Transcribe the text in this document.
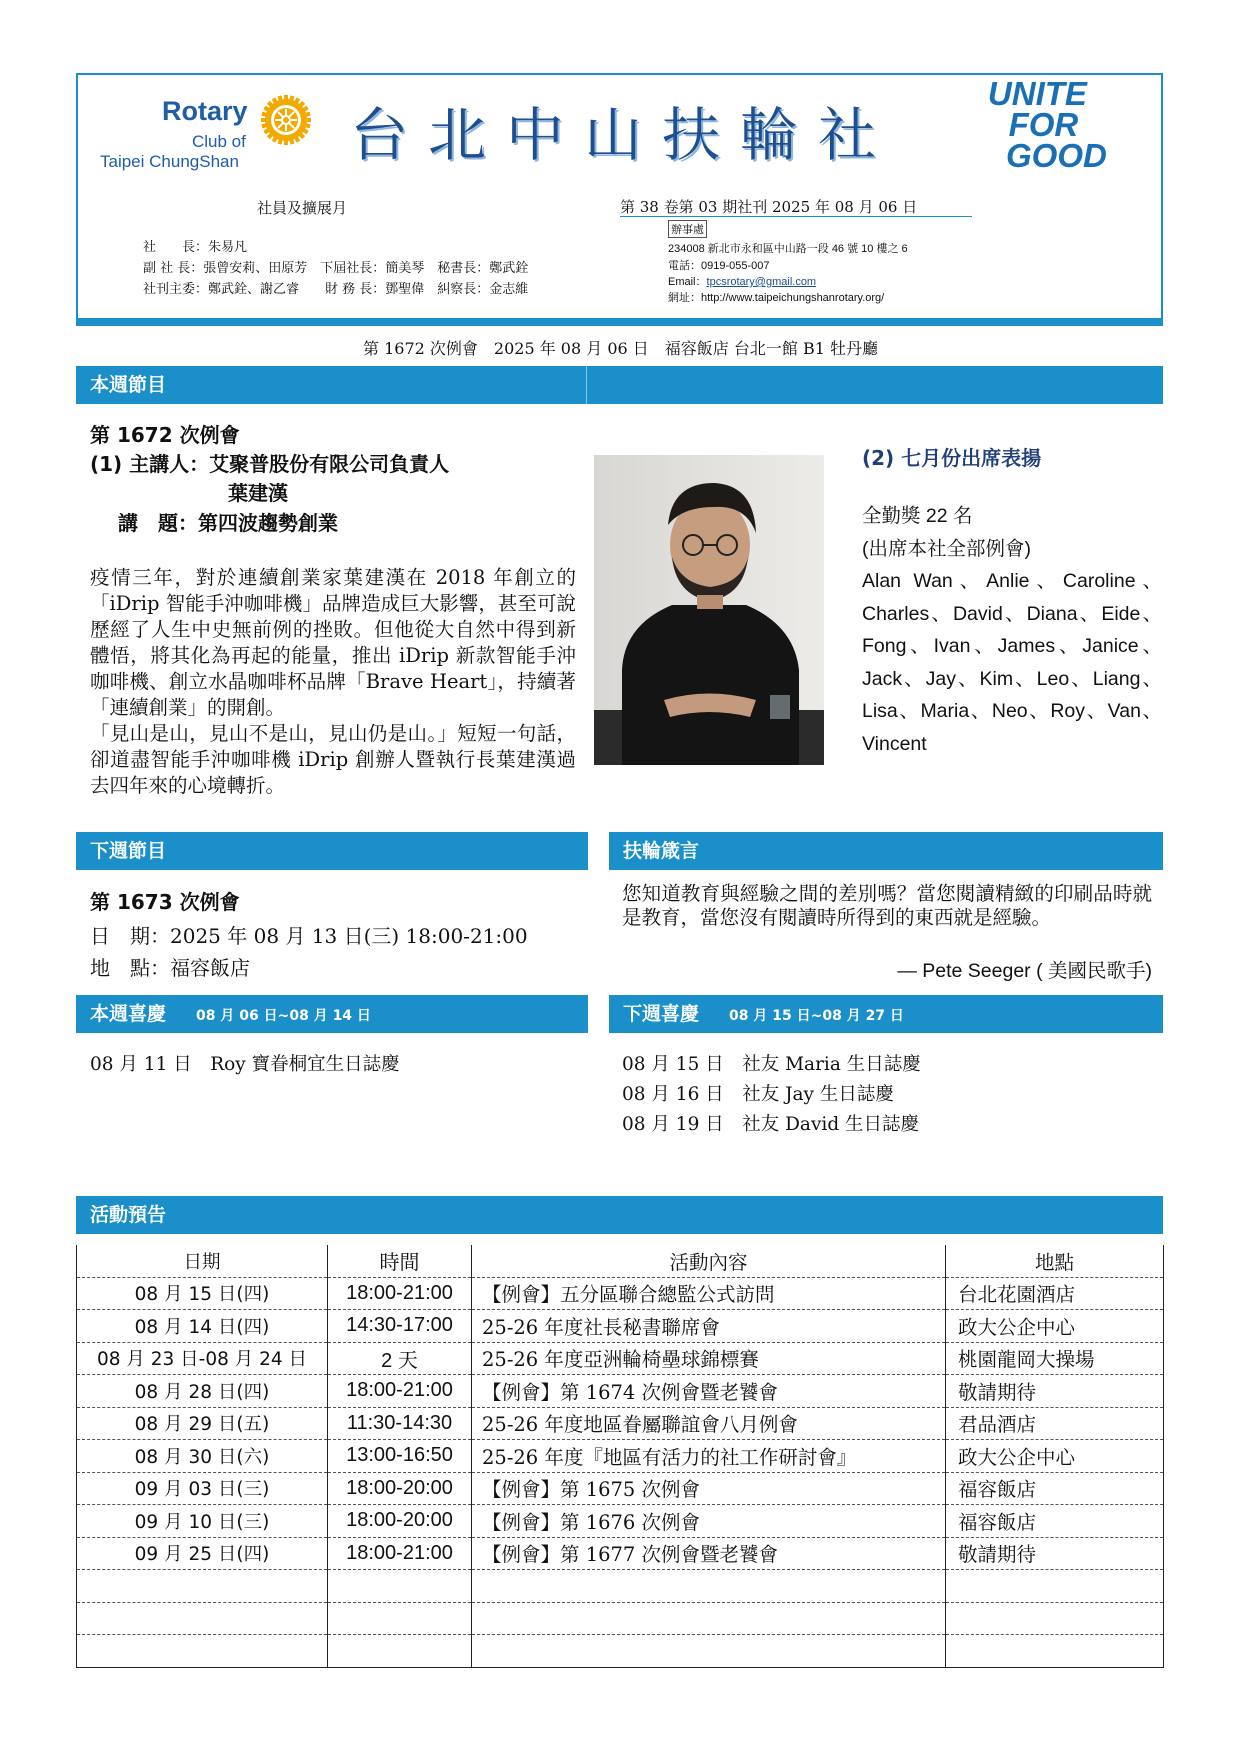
Rotary
Club of
Taipei ChungShan 台北中山扶輪社
UNITE
FOR
GOOD
社員及擴展月	第 38 卷第 03 期社刊 2025 年 08 月 06 日
社　　長：朱易凡
副 社 長：張曾安莉、田原芳　下屆社長：簡美琴　秘書長：鄭武銓
社刊主委：鄭武銓、謝乙睿　　財 務 長：鄧聖偉　糾察長：金志維
辦事處
234008 新北市永和區中山路一段 46 號 10 樓之 6
電話：0919-055-007
Email：tpcsrotary@gmail.com
網址：http://www.taipeichungshanrotary.org/
第 1672 次例會　2025 年 08 月 06 日　福容飯店 台北一館 B1 牡丹廳
本週節目
第 1672 次例會
(1) 主講人：艾聚普股份有限公司負責人
葉建漢
講　題：第四波趨勢創業
疫情三年，對於連續創業家葉建漢在 2018 年創立的「iDrip 智能手沖咖啡機」品牌造成巨大影響，甚至可說歷經了人生中史無前例的挫敗。但他從大自然中得到新體悟，將其化為再起的能量，推出 iDrip 新款智能手沖咖啡機、創立水晶咖啡杯品牌「Brave Heart」，持續著「連續創業」的開創。
「見山是山，見山不是山，見山仍是山。」短短一句話，卻道盡智能手沖咖啡機 iDrip 創辦人暨執行長葉建漢過去四年來的心境轉折。
(2) 七月份出席表揚
全勤獎 22 名
(出席本社全部例會)
Alan Wan、Anlie、Caroline、Charles、David、Diana、Eide、Fong、Ivan、James、Janice、Jack、Jay、Kim、Leo、Liang、Lisa、Maria、Neo、Roy、Van、Vincent
下週節目	扶輪箴言
第 1673 次例會
日　期：2025 年 08 月 13 日(三) 18:00-21:00
地　點：福容飯店
您知道教育與經驗之間的差別嗎？當您閱讀精緻的印刷品時就是教育，當您沒有閱讀時所得到的東西就是經驗。
— Pete Seeger ( 美國民歌手)
本週喜慶 08 月 06 日~08 月 14 日	下週喜慶 08 月 15 日~08 月 27 日
08 月 11 日　Roy 寶眷桐宜生日誌慶	08 月 15 日　社友 Maria 生日誌慶
08 月 16 日　社友 Jay 生日誌慶
08 月 19 日　社友 David 生日誌慶
活動預告
日期	時間	活動內容	地點
08 月 15 日(四)	18:00-21:00	【例會】五分區聯合總監公式訪問	台北花園酒店
08 月 14 日(四)	14:30-17:00	25-26 年度社長秘書聯席會	政大公企中心
08 月 23 日-08 月 24 日	2 天	25-26 年度亞洲輪椅壘球錦標賽	桃園龍岡大操場
08 月 28 日(四)	18:00-21:00	【例會】第 1674 次例會暨老饕會	敬請期待
08 月 29 日(五)	11:30-14:30	25-26 年度地區眷屬聯誼會八月例會	君品酒店
08 月 30 日(六)	13:00-16:50	25-26 年度『地區有活力的社工作研討會』	政大公企中心
09 月 03 日(三)	18:00-20:00	【例會】第 1675 次例會	福容飯店
09 月 10 日(三)	18:00-20:00	【例會】第 1676 次例會	福容飯店
09 月 25 日(四)	18:00-21:00	【例會】第 1677 次例會暨老饕會	敬請期待
